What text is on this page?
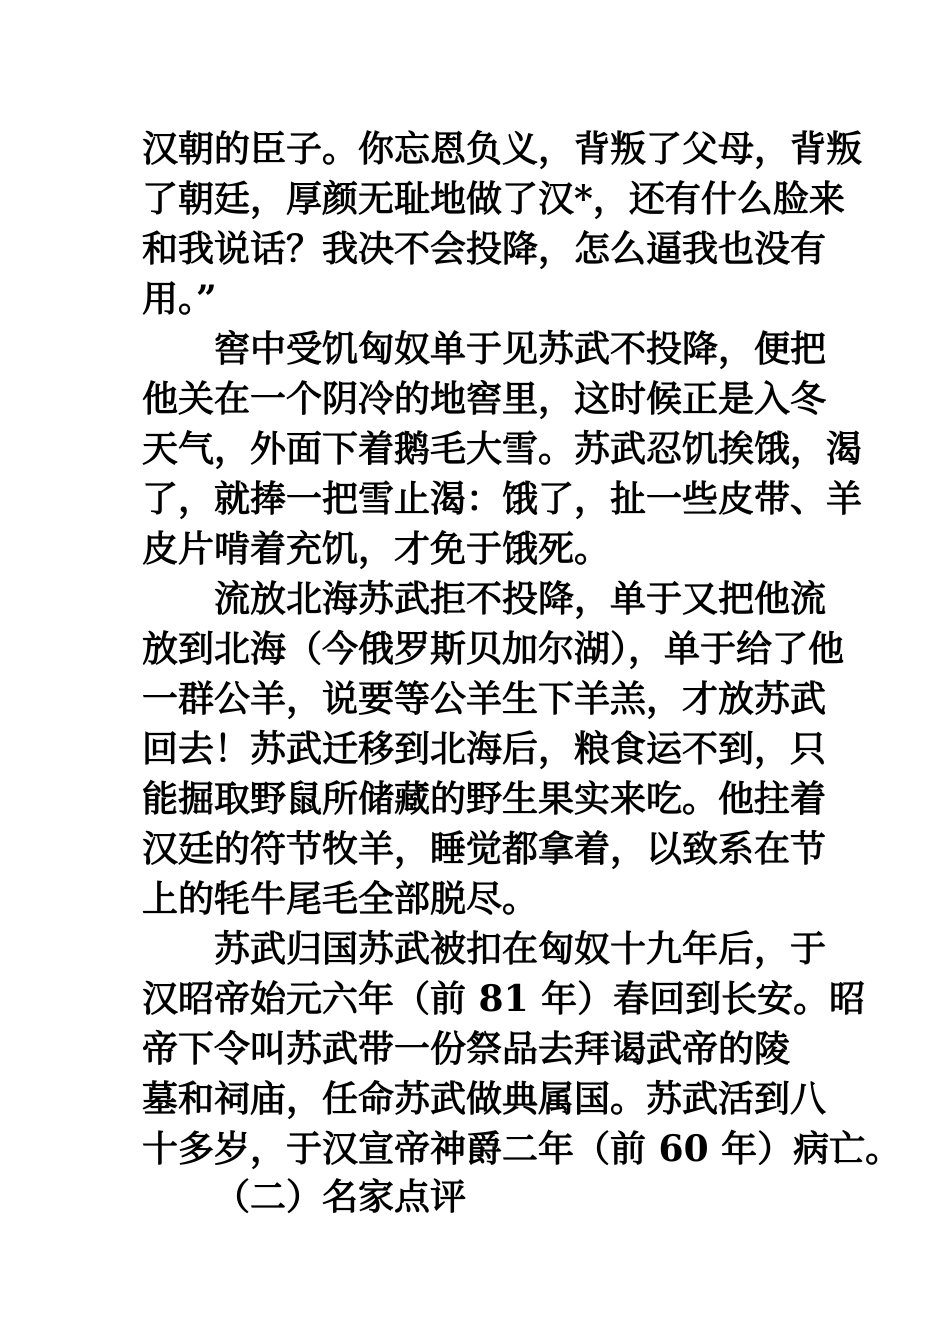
汉朝的臣子。你忘恩负义，背叛了父母，背叛
了朝廷，厚颜无耻地做了汉*，还有什么脸来
和我说话？我决不会投降，怎么逼我也没有
用。”
窖中受饥匈奴单于见苏武不投降，便把
他关在一个阴冷的地窖里，这时候正是入冬
天气，外面下着鹅毛大雪。苏武忍饥挨饿，渴
了，就捧一把雪止渴：饿了，扯一些皮带、羊
皮片啃着充饥，才免于饿死。
流放北海苏武拒不投降，单于又把他流
放到北海（今俄罗斯贝加尔湖），单于给了他
一群公羊，说要等公羊生下羊羔，才放苏武
回去！苏武迁移到北海后，粮食运不到，只
能掘取野鼠所储藏的野生果实来吃。他拄着
汉廷的符节牧羊，睡觉都拿着，以致系在节
上的牦牛尾毛全部脱尽。
苏武归国苏武被扣在匈奴十九年后，于
汉昭帝始元六年（前 81 年）春回到长安。昭
帝下令叫苏武带一份祭品去拜谒武帝的陵
墓和祠庙，任命苏武做典属国。苏武活到八
十多岁，于汉宣帝神爵二年（前 60 年）病亡。
（二）名家点评
